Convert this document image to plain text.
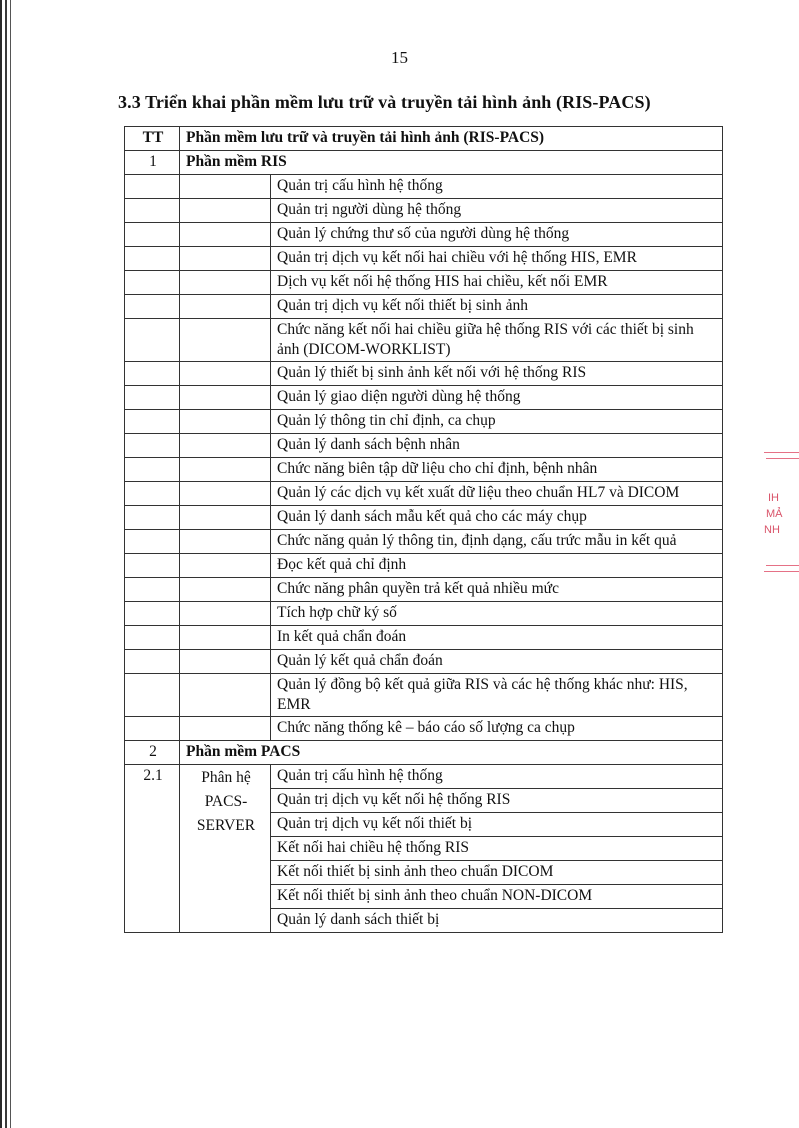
15
3.3 Triển khai phần mềm lưu trữ và truyền tải hình ảnh (RIS-PACS)
TT	Phần mềm lưu trữ và truyền tải hình ảnh (RIS-PACS)	
1	Phần mềm RIS	
		Quản trị cấu hình hệ thống
		Quản trị người dùng hệ thống
		Quản lý chứng thư số của người dùng hệ thống
		Quản trị dịch vụ kết nối hai chiều với hệ thống HIS, EMR
		Dịch vụ kết nối hệ thống HIS hai chiều, kết nối EMR
		Quản trị dịch vụ kết nối thiết bị sinh ảnh
		Chức năng kết nối hai chiều giữa hệ thống RIS với các thiết bị sinh ảnh (DICOM-WORKLIST)
		Quản lý thiết bị sinh ảnh kết nối với hệ thống RIS
		Quản lý giao diện người dùng hệ thống
		Quản lý thông tin chỉ định, ca chụp
		Quản lý danh sách bệnh nhân
		Chức năng biên tập dữ liệu cho chỉ định, bệnh nhân
		Quản lý các dịch vụ kết xuất dữ liệu theo chuẩn HL7 và DICOM
		Quản lý danh sách mẫu kết quả cho các máy chụp
		Chức năng quản lý thông tin, định dạng, cấu trức mẫu in kết quả
		Đọc kết quả chỉ định
		Chức năng phân quyền trả kết quả nhiều mức
		Tích hợp chữ ký số
		In kết quả chẩn đoán
		Quản lý kết quả chẩn đoán
		Quản lý đồng bộ kết quả giữa RIS và các hệ thống khác như: HIS, EMR
		Chức năng thống kê – báo cáo số lượng ca chụp
2	Phần mềm PACS	
2.1	Phân hệ PACS-SERVER	Quản trị cấu hình hệ thống
		Quản trị dịch vụ kết nối hệ thống RIS
		Quản trị dịch vụ kết nối thiết bị
		Kết nối hai chiều hệ thống RIS
		Kết nối thiết bị sinh ảnh theo chuẩn DICOM
		Kết nối thiết bị sinh ảnh theo chuẩn NON-DICOM
		Quản lý danh sách thiết bị
IH
MẢ
NH
